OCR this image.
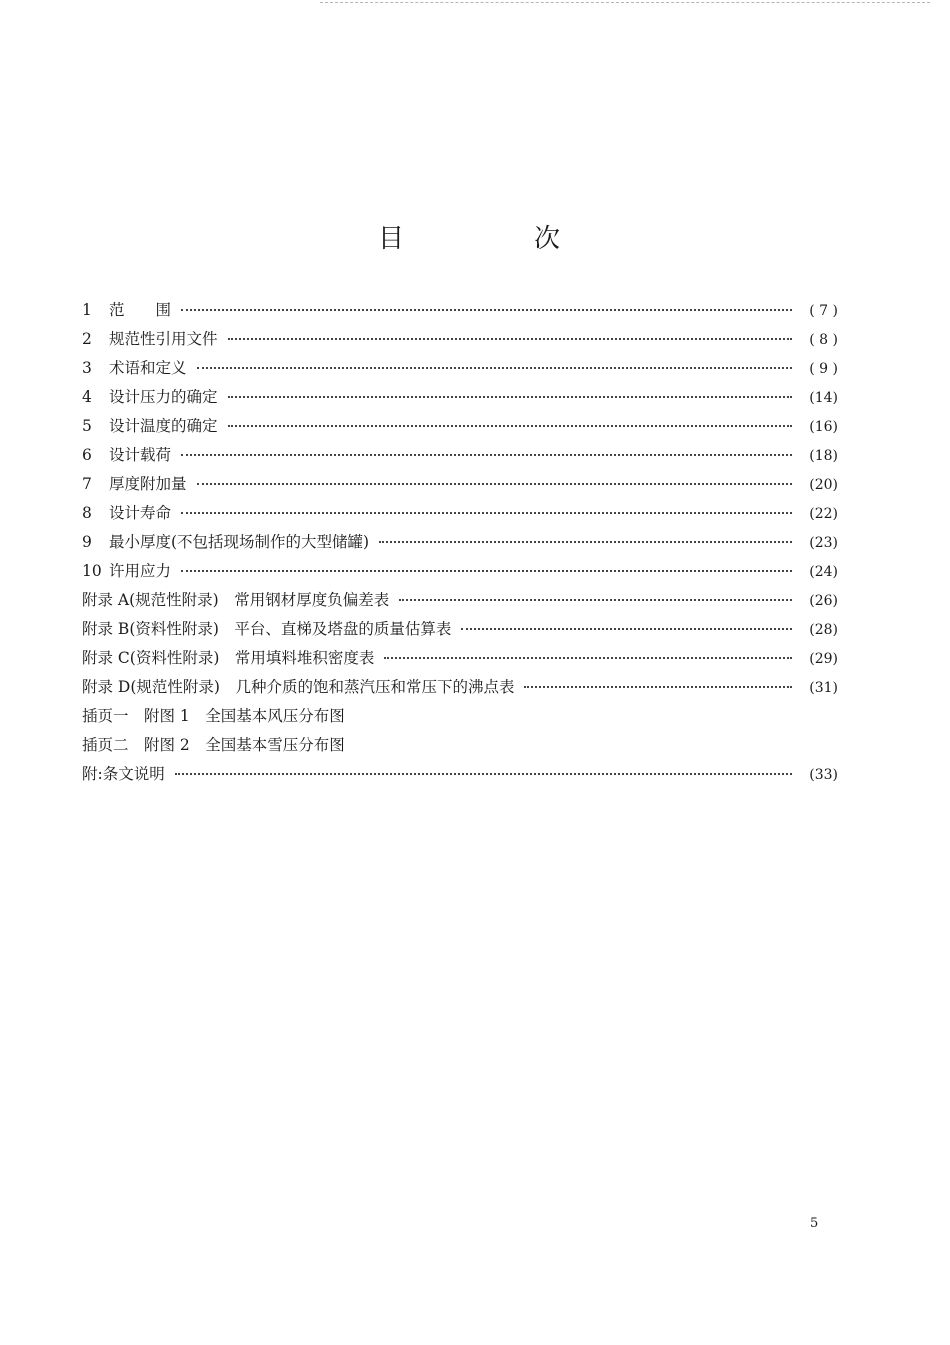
目　次
1	范　　围	( 7 )
2	规范性引用文件	( 8 )
3	术语和定义	( 9 )
4	设计压力的确定	(14)
5	设计温度的确定	(16)
6	设计载荷	(18)
7	厚度附加量	(20)
8	设计寿命	(22)
9	最小厚度(不包括现场制作的大型储罐)	(23)
10 许用应力	(24)
附录 A(规范性附录)　常用钢材厚度负偏差表	(26)
附录 B(资料性附录)　平台、直梯及塔盘的质量估算表	(28)
附录 C(资料性附录)　常用填料堆积密度表	(29)
附录 D(规范性附录)　几种介质的饱和蒸汽压和常压下的沸点表	(31)
插页一　附图 1　全国基本风压分布图
插页二　附图 2　全国基本雪压分布图
附:条文说明	(33)
5
